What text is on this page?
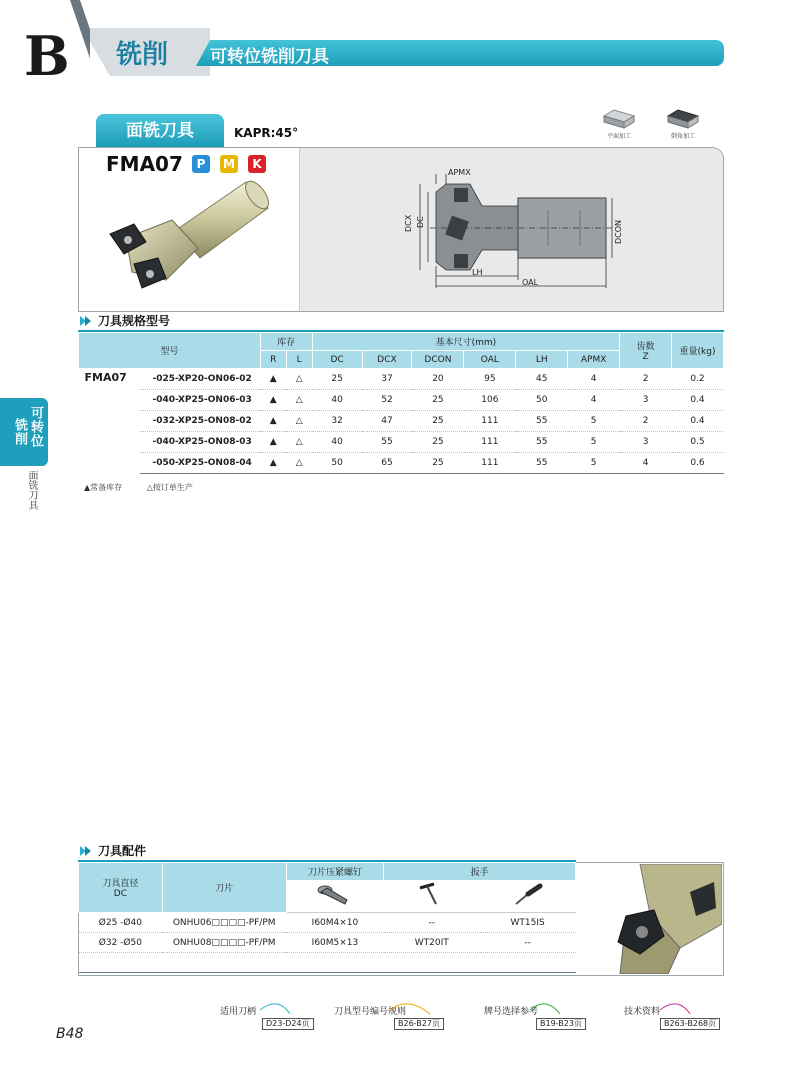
B 铣削 可转位铣削刀具
面铣刀具	KAPR:45°	平面加工	倒角加工
FMA07	P	M	K
APMX
DCX DC	DCON
LH
OAL
刀具规格型号
型号		库存		基本尺寸(mm)						齿数
Z	重量(kg)
		R	L	DC	DCX	DCON	OAL	LH	APMX		
FMA07	-025-XP20-ON06-02	▲	△	25	37	20	95	45	4	2	0.2
	-040-XP25-ON06-03	▲	△	40	52	25	106	50	4	3	0.4
	-032-XP25-ON08-02	▲	△	32	47	25	111	55	5	2	0.4
	-040-XP25-ON08-03	▲	△	40	55	25	111	55	5	3	0.5
	-050-XP25-ON08-04	▲	△	50	65	25	111	55	5	4	0.6
▲常备库存	△按订单生产
铣削 可转位
面铣刀具
刀具配件
刀具直径
DC	刀片	刀片压紧螺钉	扳手	

Ø25 -Ø40	ONHU06□□□□-PF/PM	I60M4×10	--	WT15IS
Ø32 -Ø50	ONHU08□□□□-PF/PM	I60M5×13	WT20IT	--

适用刀柄
D23-D24页
刀具型号编号规则
B26-B27页
牌号选择参考
B19-B23页
技术资料
B263-B268页
B48
